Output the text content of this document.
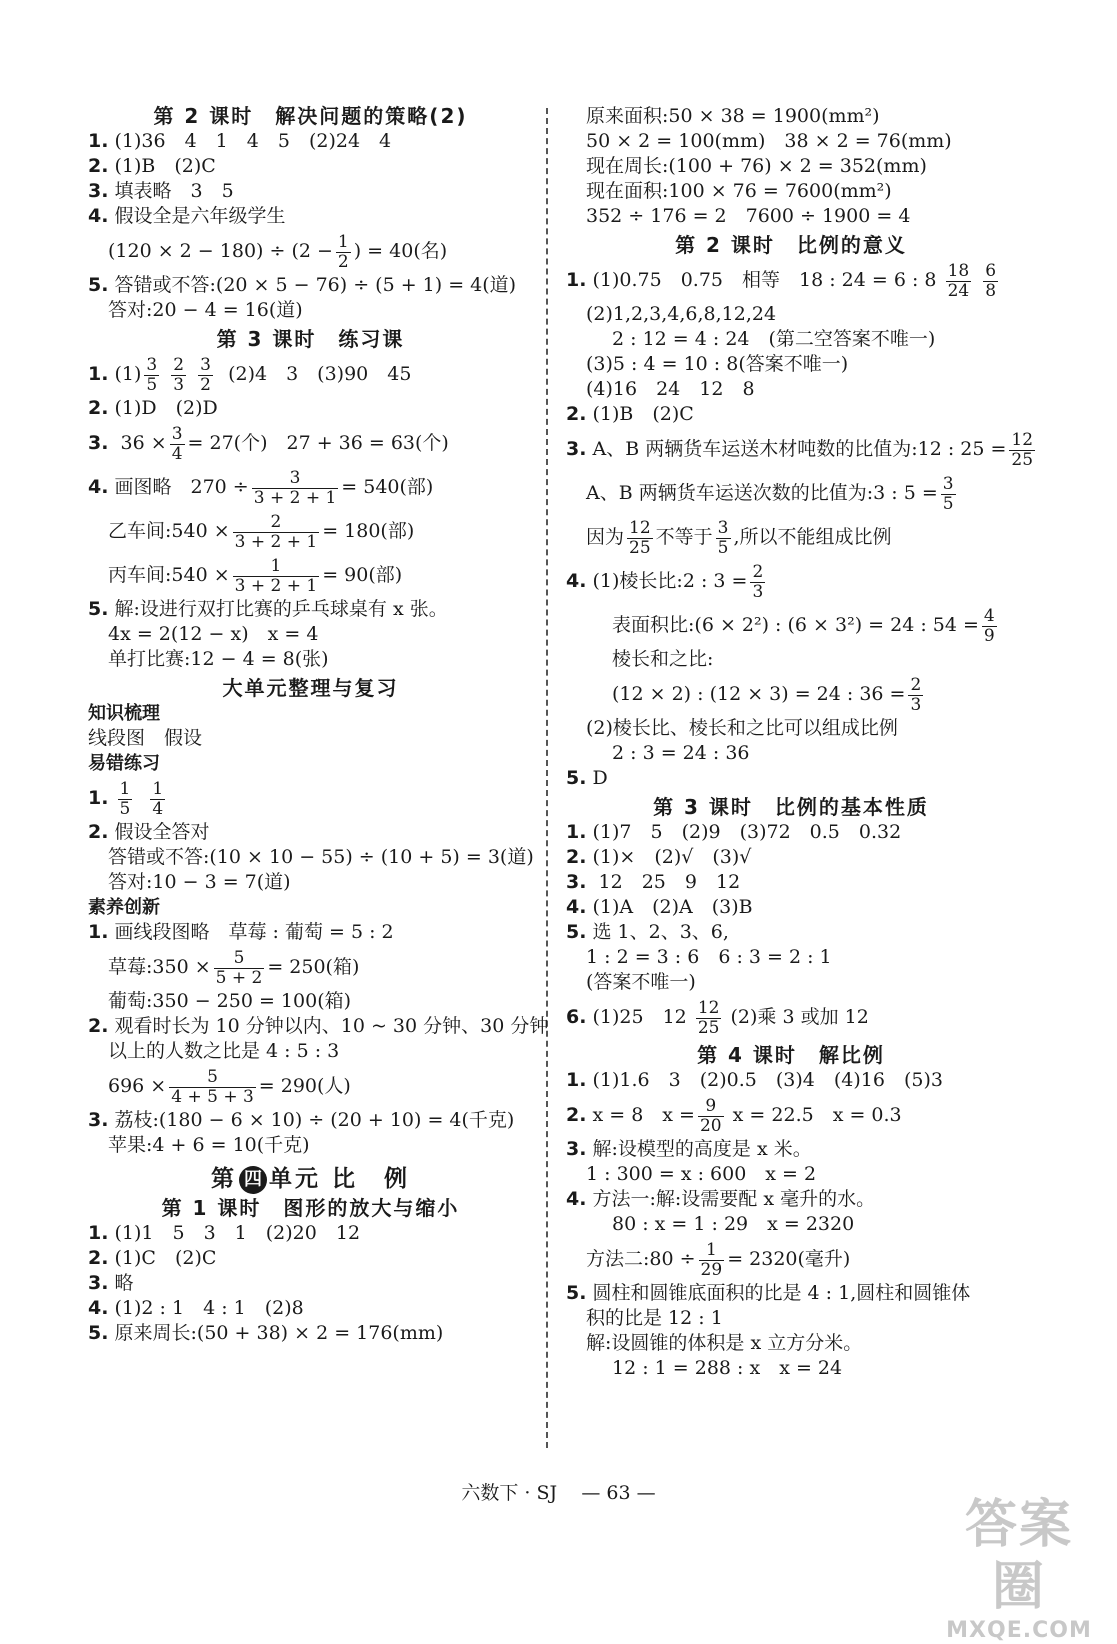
第 2 课时　解决问题的策略(2)
1. (1)36　4　1　4　5　(2)24　4
2. (1)B　(2)C
3. 填表略　3　5
4. 假设全是六年级学生
$(120 \times 2 - 180) \div (2 - \frac{1}{2}$ ) = 40(名)
5. 答错或不答:(20 × 5 − 76) ÷ (5 + 1) = 4(道)
答对:20 − 4 = 16(道)
第 3 课时　练习课
1. $(1) \frac{3}{5}$
$\frac{2}{3}$
$\frac{3}{2} (2)4$　3　(3)90　45
2. (1)D　(2)D
3. $36 \times \frac{3}{4} = 27$(个)　27 + 36 = 63(个)
4. 画图略　$270 \div \frac{3}{3 + 2 + 1} = 540$(部)
乙车间:540 × $\frac{2}{3 + 2 + 1} = 180$(部)
丙车间:540 × $\frac{1}{3 + 2 + 1} = 90$(部)
5. 解:设进行双打比赛的乒乓球桌有 x 张。
4x = 2(12 − x)　x = 4
单打比赛:12 − 4 = 8(张)
大单元整理与复习
知识梳理
线段图　假设
易错练习
1. $\frac{1}{5}$
$\frac{1}{4}$
2. 假设全答对
答错或不答:(10 × 10 − 55) ÷ (10 + 5) = 3(道)
答对:10 − 3 = 7(道)
素养创新
1. 画线段图略　草莓 : 葡萄 = 5 : 2
草莓:350 × $\frac{5}{5 + 2} = 250$(箱)
葡萄:350 − 250 = 100(箱)
2. 观看时长为 10 分钟以内、10 ~ 30 分钟、30 分钟
以上的人数之比是 4 : 5 : 3
$696 \times \frac{5}{4 + 5 + 3} = 290$(人)
3. 荔枝:(180 − 6 × 10) ÷ (20 + 10) = 4(千克)
苹果:4 + 6 = 10(千克)
第 四 单元 比　例
第 1 课时　图形的放大与缩小
1. (1)1　5　3　1　(2)20　12
2. (1)C　(2)C
3. 略
4. (1)2 : 1　4 : 1　(2)8
5. 原来周长:(50 + 38) × 2 = 176(mm)
原来面积:50 × 38 = 1900(mm²)
50 × 2 = 100(mm)　38 × 2 = 76(mm)
现在周长:(100 + 76) × 2 = 352(mm)
现在面积:100 × 76 = 7600(mm²)
352 ÷ 176 = 2　7600 ÷ 1900 = 4
第 2 课时　比例的意义
1. (1)0.75　0.75　相等　18 : 24 = 6 : $8 \frac{18}{24}$
$\frac{6}{8}$
(2)1,2,3,4,6,8,12,24
2 : 12 = 4 : 24　(第二空答案不唯一)
(3)5 : 4 = 10 : 8(答案不唯一)
(4)16　24　12　8
2. (1)B　(2)C
3. A、B 两辆货车运送木材吨数的比值为:12 : $25 = \frac{12}{25}$
A、B 两辆货车运送次数的比值为:3 : $5 = \frac{3}{5}$
因为 $\frac{12}{25}$ 不等于 $\frac{3}{5}$ ,所以不能组成比例
4. (1)棱长比:2 : $3 = \frac{2}{3}$
表面积比:(6 × 2²) : (6 × 3²) = 24 : $54 = \frac{4}{9}$
棱长和之比:
(12 × 2) : (12 × 3) = 24 : $36 = \frac{2}{3}$
(2)棱长比、棱长和之比可以组成比例
2 : 3 = 24 : 36
5. D
第 3 课时　比例的基本性质
1. (1)7　5　(2)9　(3)72　0.5　0.32
2. (1)×　(2)√　(3)√
3. 12　25　9　12
4. (1)A　(2)A　(3)B
5. 选 1、2、3、6,
1 : 2 = 3 : 6　6 : 3 = 2 : 1
(答案不唯一)
6. (1)25　$12 \frac{12}{25} (2)$乘 3 或加 12
第 4 课时　解比例
1. (1)1.6　3　(2)0.5　(3)4　(4)16　(5)3
2. x = 8　$x = \frac{9}{20}$ x = 22.5　x = 0.3
3. 解:设模型的高度是 x 米。
1 : 300 = x : 600　x = 2
4. 方法一:解:设需要配 x 毫升的水。
80 : x = 1 : 29　x = 2320
方法二:80 ÷ $\frac{1}{29} = 2320$(毫升)
5. 圆柱和圆锥底面积的比是 4 : 1,圆柱和圆锥体
积的比是 12 : 1
解:设圆锥的体积是 x 立方分米。
12 : 1 = 288 : x　x = 24
六数下 · SJ — 63 —
答案圈
MXQE.COM
